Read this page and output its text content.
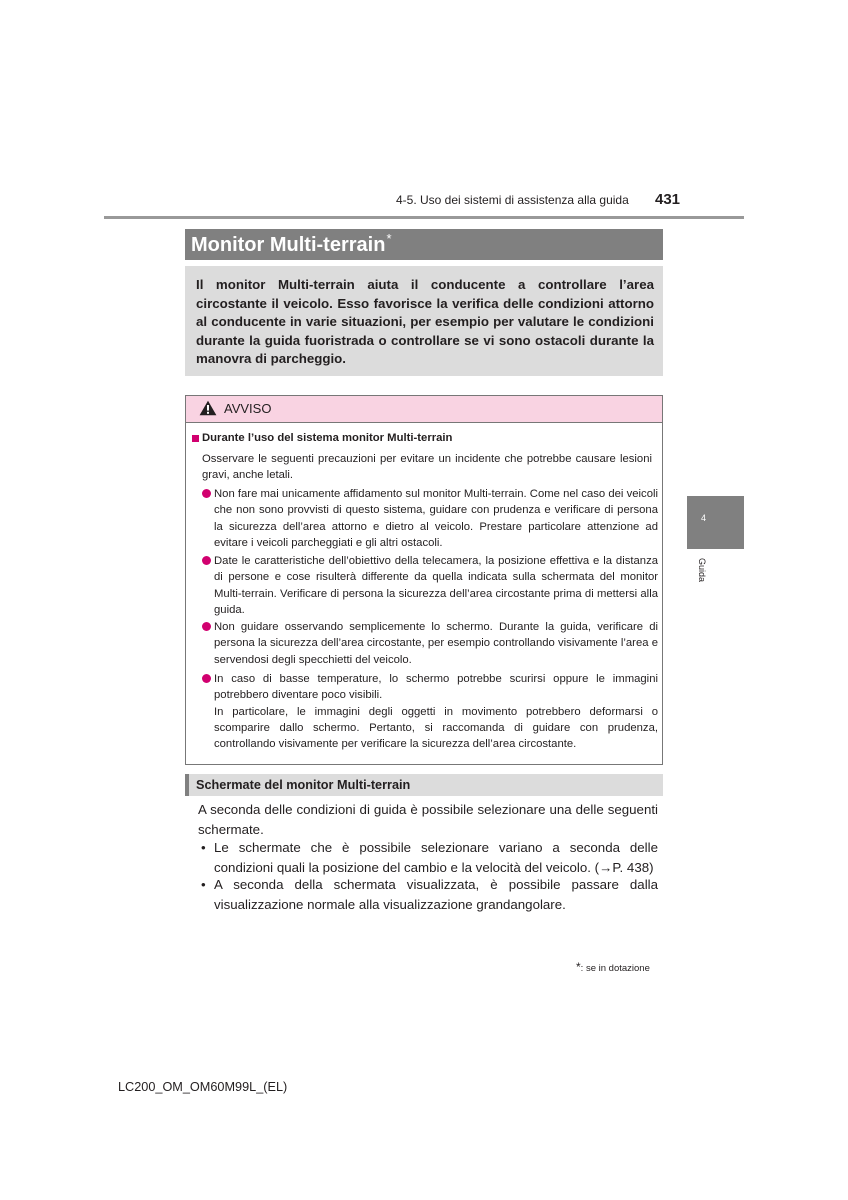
4-5. Uso dei sistemi di assistenza alla guida 431
Monitor Multi-terrain*

Il monitor Multi-terrain aiuta il conducente a controllare l’area circostante il veicolo. Esso favorisce la verifica delle condizioni attorno al conducente in varie situazioni, per esempio per valutare le condizioni durante la guida fuoristrada o controllare se vi sono ostacoli durante la manovra di parcheggio.

AVVISO
Durante l’uso del sistema monitor Multi-terrain

Osservare le seguenti precauzioni per evitare un incidente che potrebbe causare lesioni gravi, anche letali.

Non fare mai unicamente affidamento sul monitor Multi-terrain. Come nel caso dei veicoli che non sono provvisti di questo sistema, guidare con prudenza e verificare di persona la sicurezza dell’area attorno e dietro al veicolo. Prestare particolare attenzione ad evitare i veicoli parcheggiati e gli altri ostacoli.

Date le caratteristiche dell’obiettivo della telecamera, la posizione effettiva e la distanza di persone e cose risulterà differente da quella indicata sulla schermata del monitor Multi-terrain. Verificare di persona la sicurezza dell’area circostante prima di mettersi alla guida.

Non guidare osservando semplicemente lo schermo. Durante la guida, verificare di persona la sicurezza dell’area circostante, per esempio controllando visivamente l’area e servendosi degli specchietti del veicolo.

In caso di basse temperature, lo schermo potrebbe scurirsi oppure le immagini potrebbero diventare poco visibili.
In particolare, le immagini degli oggetti in movimento potrebbero deformarsi o scomparire dallo schermo. Pertanto, si raccomanda di guidare con prudenza, controllando visivamente per verificare la sicurezza dell’area circostante.

Schermate del monitor Multi-terrain

A seconda delle condizioni di guida è possibile selezionare una delle seguenti schermate.

• Le schermate che è possibile selezionare variano a seconda delle condizioni quali la posizione del cambio e la velocità del veicolo. (→P. 438)

• A seconda della schermata visualizzata, è possibile passare dalla visualizzazione normale alla visualizzazione grandangolare.

4
Guida
*: se in dotazione
LC200_OM_OM60M99L_(EL)
